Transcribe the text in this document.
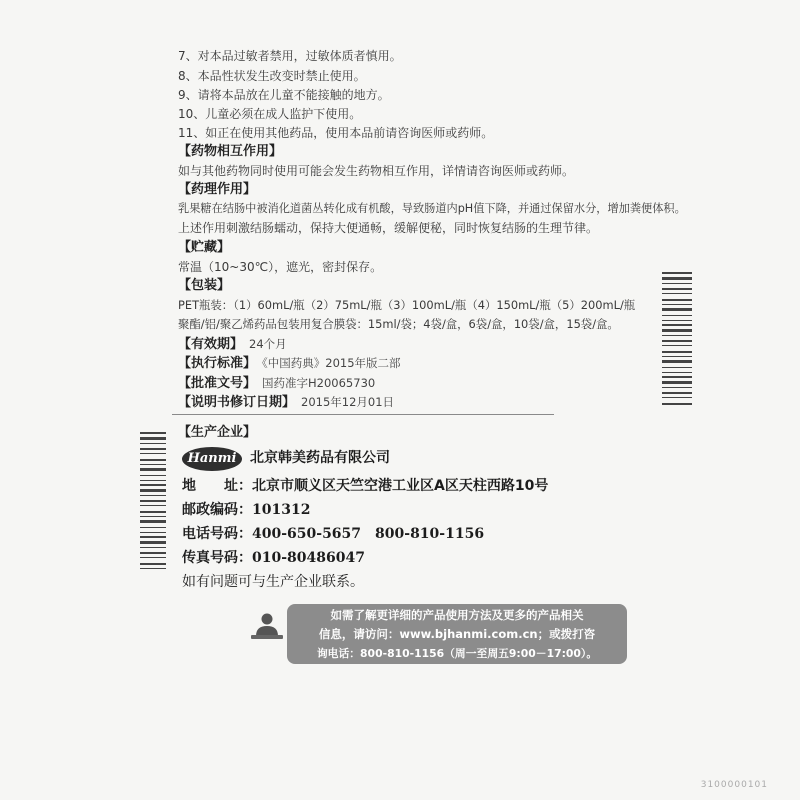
7、对本品过敏者禁用，过敏体质者慎用。
8、本品性状发生改变时禁止使用。
9、请将本品放在儿童不能接触的地方。
10、儿童必须在成人监护下使用。
11、如正在使用其他药品，使用本品前请咨询医师或药师。
【药物相互作用】
如与其他药物同时使用可能会发生药物相互作用，详情请咨询医师或药师。
【药理作用】
乳果糖在结肠中被消化道菌丛转化成有机酸，导致肠道内pH值下降，并通过保留水分，增加粪便体积。
上述作用刺激结肠蠕动，保持大便通畅，缓解便秘，同时恢复结肠的生理节律。
【贮藏】
常温（10~30℃），遮光，密封保存。
【包装】
PET瓶装：（1）60mL/瓶（2）75mL/瓶（3）100mL/瓶（4）150mL/瓶（5）200mL/瓶
聚酯/铝/聚乙烯药品包装用复合膜袋：15ml/袋；4袋/盒，6袋/盒，10袋/盒，15袋/盒。
【有效期】 24个月
【执行标准】 《中国药典》2015年版二部
【批准文号】 国药准字H20065730
【说明书修订日期】 2015年12月01日
【生产企业】
Hanmi 北京韩美药品有限公司
地　　址：北京市顺义区天竺空港工业区A区天柱西路10号
邮政编码：101312
电话号码：400-650-5657　800-810-1156
传真号码：010-80486047
如有问题可与生产企业联系。
如需了解更详细的产品使用方法及更多的产品相关
信息，请访问：www.bjhanmi.com.cn；或拨打咨
询电话：800-810-1156（周一至周五9:00－17:00）。
3100000101
